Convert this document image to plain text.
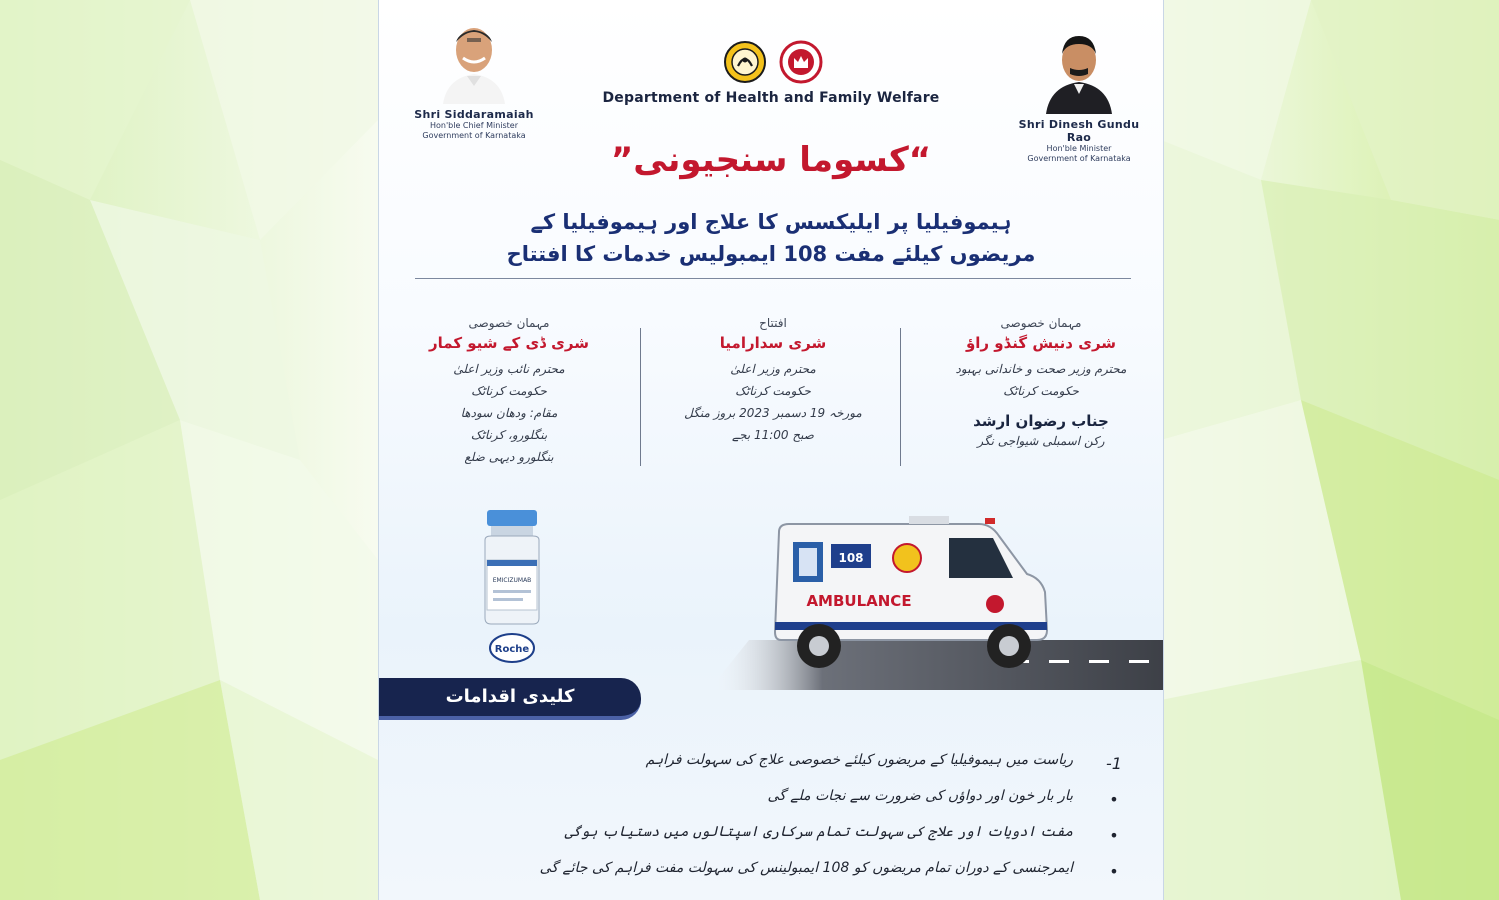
Shri Siddaramaiah
Hon'ble Chief Minister
Government of Karnataka
Department of Health and Family Welfare
Shri Dinesh Gundu Rao
Hon'ble Minister
Government of Karnataka
“کسوما سنجیونی”
ہیموفیلیا پر ایلیکسس کا علاج اور ہیموفیلیا کے
مریضوں کیلئے مفت 108 ایمبولیس خدمات کا افتتاح
مہمان خصوصی
شری دنیش گنڈو راؤ
محترم وزیر صحت و خاندانی بہبود
حکومت کرناٹک
جناب رضوان ارشد
رکن اسمبلی شیواجی نگر
افتتاح
شری سدارامیا
محترم وزیر اعلیٰ
حکومت کرناٹک
مورخہ 19 دسمبر 2023 بروز منگل
صبح 11:00 بجے
مہمان خصوصی
شری ڈی کے شیو کمار
محترم نائب وزیر اعلیٰ
حکومت کرناٹک
مقام: ودھان سودھا
بنگلورو، کرناٹک
بنگلورو دیہی ضلع
EMICIZUMAB
Roche
108
AMBULANCE
کلیدی اقدامات
1-
ریاست میں ہیموفیلیا کے مریضوں کیلئے خصوصی علاج کی سہولت فراہم
•
بار بار خون اور دواؤں کی ضرورت سے نجات ملے گی
•
مفت ادویات اور علاج کی سہولت تمام سرکاری اسپتالوں میں دستیاب ہوگی
•
ایمرجنسی کے دوران تمام مریضوں کو 108 ایمبولینس کی سہولت مفت فراہم کی جائے گی
